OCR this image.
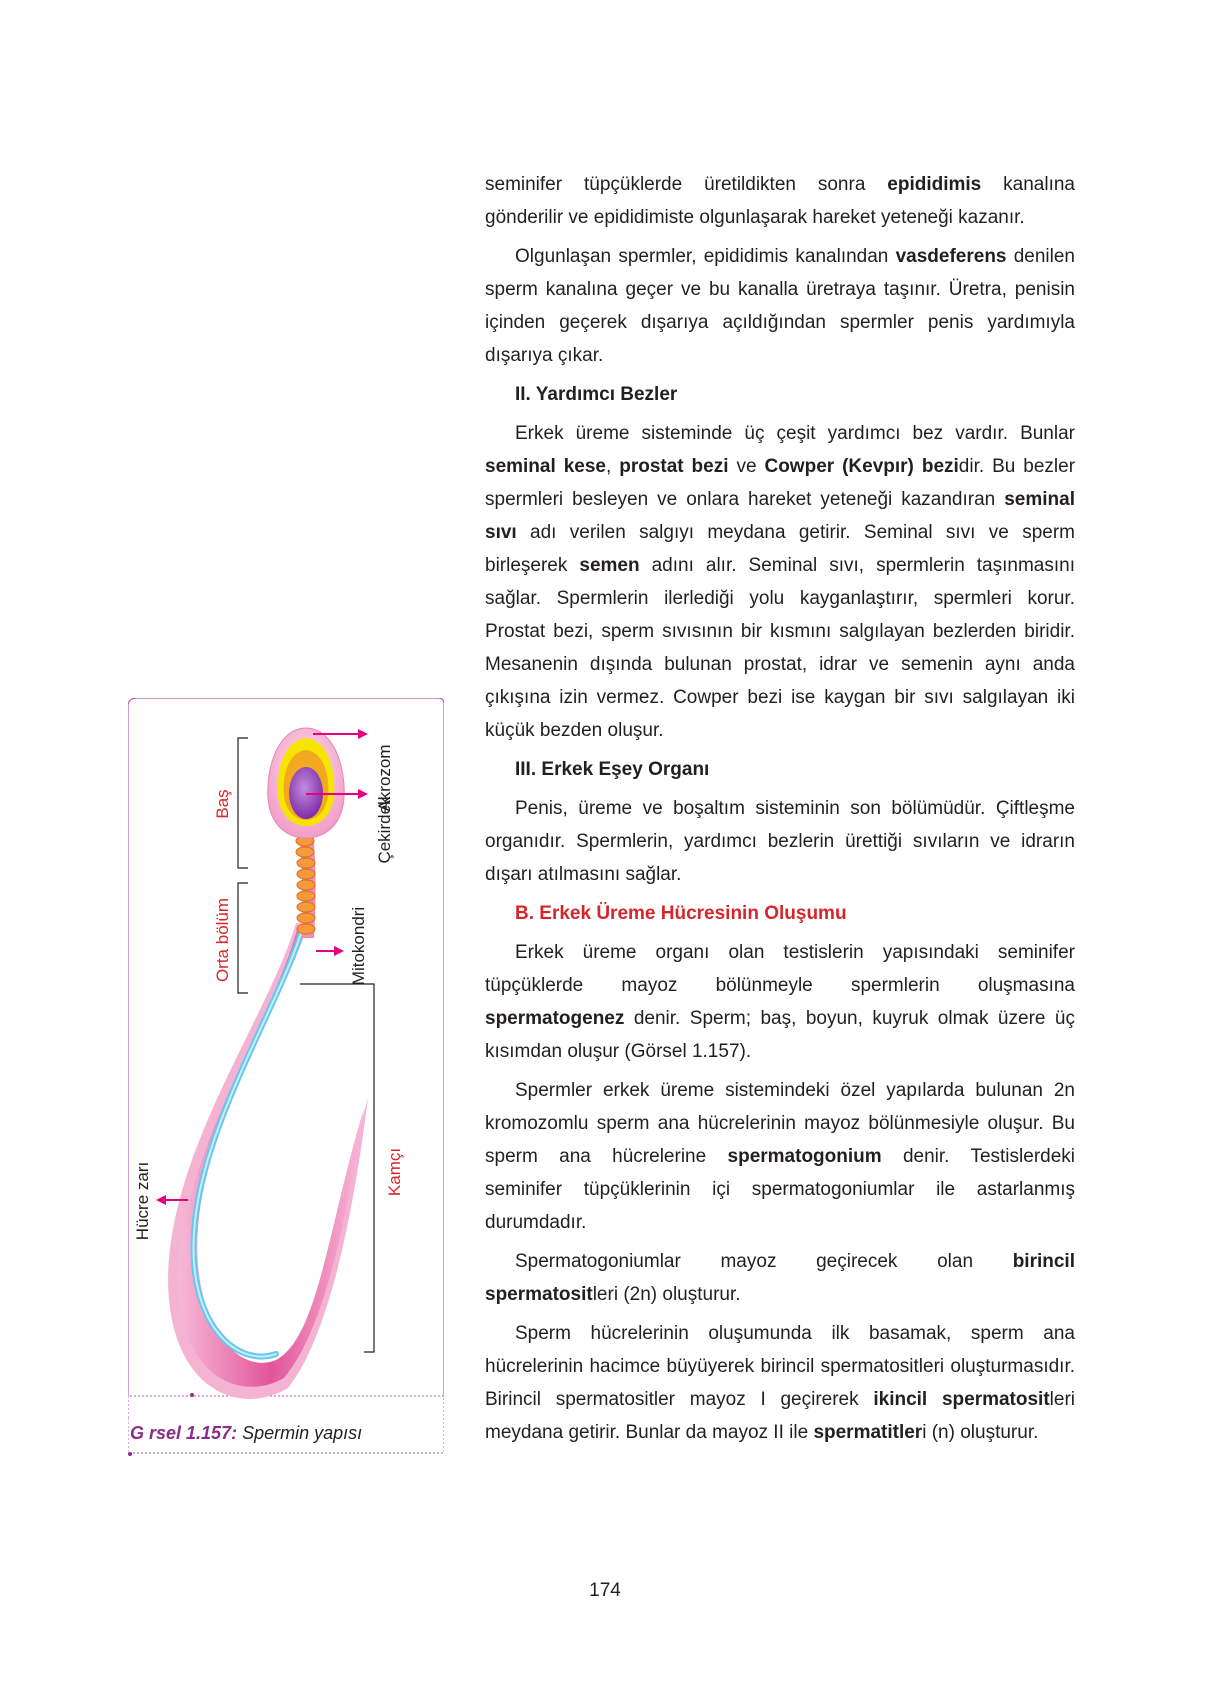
seminifer tüpçüklerde üretildikten sonra epididimis kanalına gönderilir ve epididimiste olgunlaşarak hareket yeteneği kazanır.

Olgunlaşan spermler, epididimis kanalından vasdeferens denilen sperm kanalına geçer ve bu kanalla üretraya taşınır. Üretra, penisin içinden geçerek dışarıya açıldığından spermler penis yardımıyla dışarıya çıkar.

II. Yardımcı Bezler

Erkek üreme sisteminde üç çeşit yardımcı bez vardır. Bunlar seminal kese, prostat bezi ve Cowper (Kevpır) bezidir. Bu bezler spermleri besleyen ve onlara hareket yeteneği kazandıran seminal sıvı adı verilen salgıyı meydana getirir. Seminal sıvı ve sperm birleşerek semen adını alır. Seminal sıvı, spermlerin taşınmasını sağlar. Spermlerin ilerlediği yolu kayganlaştırır, spermleri korur. Prostat bezi, sperm sıvısının bir kısmını salgılayan bezlerden biridir. Mesanenin dışında bulunan prostat, idrar ve semenin aynı anda çıkışına izin vermez. Cowper bezi ise kaygan bir sıvı salgılayan iki küçük bezden oluşur.

III. Erkek Eşey Organı

Penis, üreme ve boşaltım sisteminin son bölümüdür. Çiftleşme organıdır. Spermlerin, yardımcı bezlerin ürettiği sıvıların ve idrarın dışarı atılmasını sağlar.

B. Erkek Üreme Hücresinin Oluşumu

Erkek üreme organı olan testislerin yapısındaki seminifer tüpçüklerde mayoz bölünmeyle spermlerin oluşmasına spermatogenez denir. Sperm; baş, boyun, kuyruk olmak üzere üç kısımdan oluşur (Görsel 1.157).

Spermler erkek üreme sistemindeki özel yapılarda bulunan 2n kromozomlu sperm ana hücrelerinin mayoz bölünmesiyle oluşur. Bu sperm ana hücrelerine spermatogonium denir. Testislerdeki seminifer tüpçüklerinin içi spermatogoniumlar ile astarlanmış durumdadır.

Spermatogoniumlar mayoz geçirecek olan birincil spermatositleri (2n) oluşturur.

Sperm hücrelerinin oluşumunda ilk basamak, sperm ana hücrelerinin hacimce büyüyerek birincil spermatositleri oluşturmasıdır. Birincil spermatositler mayoz I geçirerek ikincil spermatositleri meydana getirir. Bunlar da mayoz II ile spermatitleri (n) oluşturur.

Akrozom
Çekirdek
Baş
Mitokondri
Orta bölüm
Kamçı
Hücre zarı
G rsel 1.157: Spermin yapısı
174
